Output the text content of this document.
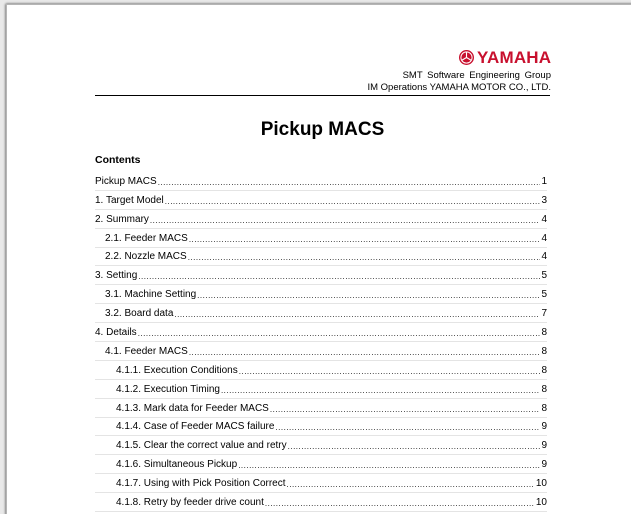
YAMAHA
SMT Software Engineering Group
IM Operations YAMAHA MOTOR CO., LTD.
Pickup MACS
Contents
Pickup MACS .....	1
1. Target Model .....	3
2. Summary .....	4
2.1. Feeder MACS .....	4
2.2. Nozzle MACS .....	4
3. Setting .....	5
3.1. Machine Setting .....	5
3.2. Board data .....	7
4. Details .....	8
4.1. Feeder MACS .....	8
4.1.1. Execution Conditions .....	8
4.1.2. Execution Timing .....	8
4.1.3. Mark data for Feeder MACS .....	8
4.1.4. Case of Feeder MACS failure .....	9
4.1.5. Clear the correct value and retry .....	9
4.1.6. Simultaneous Pickup .....	9
4.1.7. Using with Pick Position Correct .....	10
4.1.8. Retry by feeder drive count .....	10
